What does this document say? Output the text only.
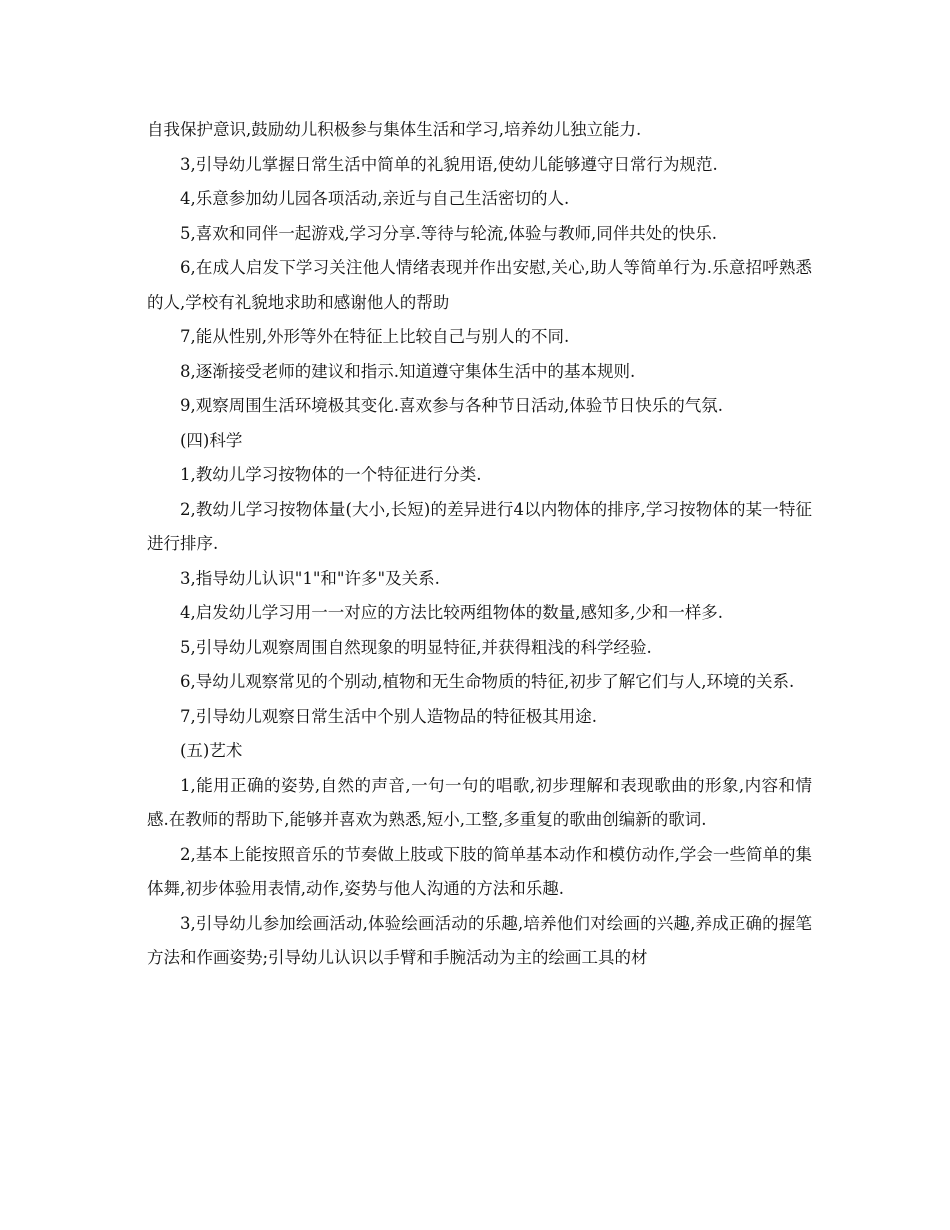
自我保护意识,鼓励幼儿积极参与集体生活和学习,培养幼儿独立能力.

3,引导幼儿掌握日常生活中简单的礼貌用语,使幼儿能够遵守日常行为规范.

4,乐意参加幼儿园各项活动,亲近与自己生活密切的人.

5,喜欢和同伴一起游戏,学习分享.等待与轮流,体验与教师,同伴共处的快乐.

6,在成人启发下学习关注他人情绪表现并作出安慰,关心,助人等简单行为.乐意招呼熟悉的人,学校有礼貌地求助和感谢他人的帮助

7,能从性别,外形等外在特征上比较自己与别人的不同.

8,逐渐接受老师的建议和指示.知道遵守集体生活中的基本规则.

9,观察周围生活环境极其变化.喜欢参与各种节日活动,体验节日快乐的气氛.

(四)科学

1,教幼儿学习按物体的一个特征进行分类.

2,教幼儿学习按物体量(大小,长短)的差异进行4以内物体的排序,学习按物体的某一特征进行排序.

3,指导幼儿认识"1"和"许多"及关系.

4,启发幼儿学习用一一对应的方法比较两组物体的数量,感知多,少和一样多.

5,引导幼儿观察周围自然现象的明显特征,并获得粗浅的科学经验.

6,导幼儿观察常见的个别动,植物和无生命物质的特征,初步了解它们与人,环境的关系.

7,引导幼儿观察日常生活中个别人造物品的特征极其用途.

(五)艺术

1,能用正确的姿势,自然的声音,一句一句的唱歌,初步理解和表现歌曲的形象,内容和情感.在教师的帮助下,能够并喜欢为熟悉,短小,工整,多重复的歌曲创编新的歌词.

2,基本上能按照音乐的节奏做上肢或下肢的简单基本动作和模仿动作,学会一些简单的集体舞,初步体验用表情,动作,姿势与他人沟通的方法和乐趣.

3,引导幼儿参加绘画活动,体验绘画活动的乐趣,培养他们对绘画的兴趣,养成正确的握笔方法和作画姿势;引导幼儿认识以手臂和手腕活动为主的绘画工具的材
